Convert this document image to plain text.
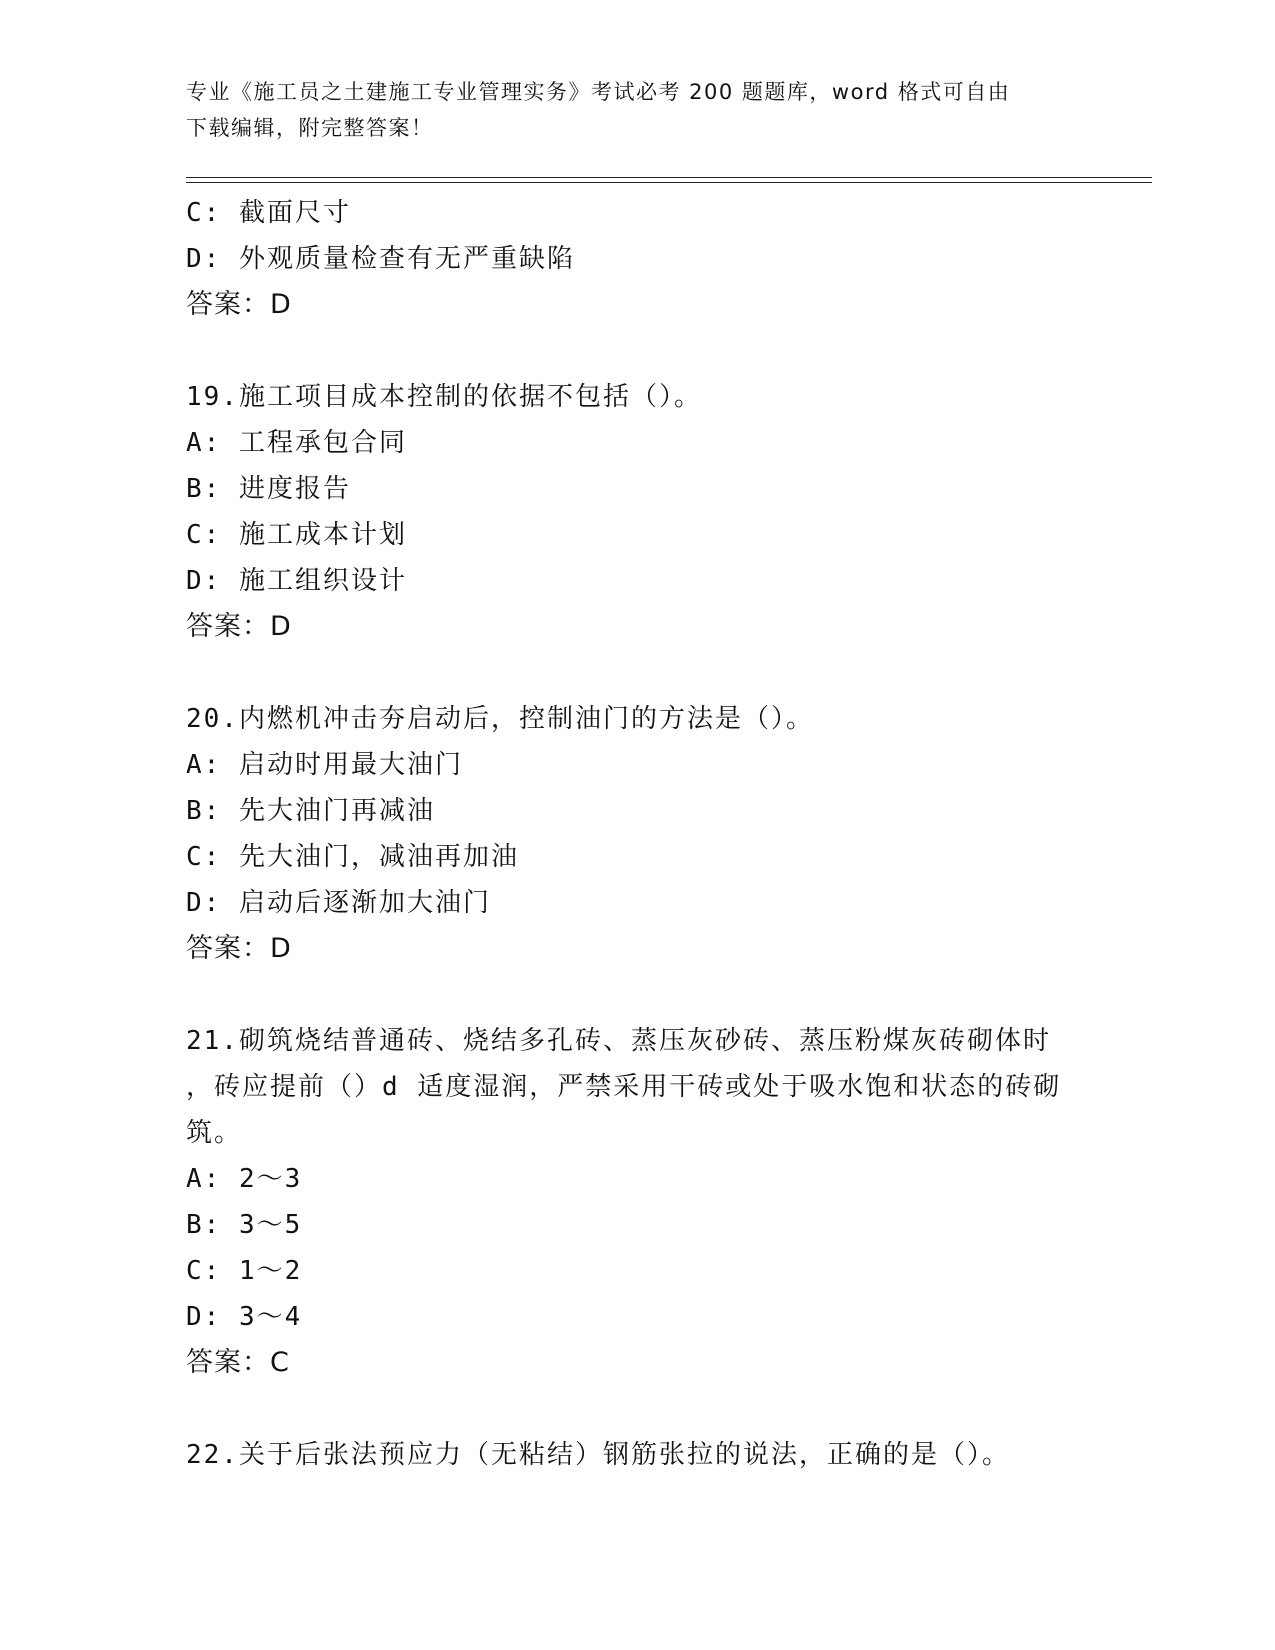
专业《施工员之土建施工专业管理实务》考试必考 200 题题库，word 格式可自由
下载编辑，附完整答案！
C: 截面尺寸
D: 外观质量检查有无严重缺陷
答案：D
19.施工项目成本控制的依据不包括（）。
A: 工程承包合同
B: 进度报告
C: 施工成本计划
D: 施工组织设计
答案：D
20.内燃机冲击夯启动后，控制油门的方法是（）。
A: 启动时用最大油门
B: 先大油门再减油
C: 先大油门，减油再加油
D: 启动后逐渐加大油门
答案：D
21.砌筑烧结普通砖、烧结多孔砖、蒸压灰砂砖、蒸压粉煤灰砖砌体时
，砖应提前（）d 适度湿润，严禁采用干砖或处于吸水饱和状态的砖砌
筑。
A: 2～3
B: 3～5
C: 1～2
D: 3～4
答案：C
22.关于后张法预应力（无粘结）钢筋张拉的说法，正确的是（）。
